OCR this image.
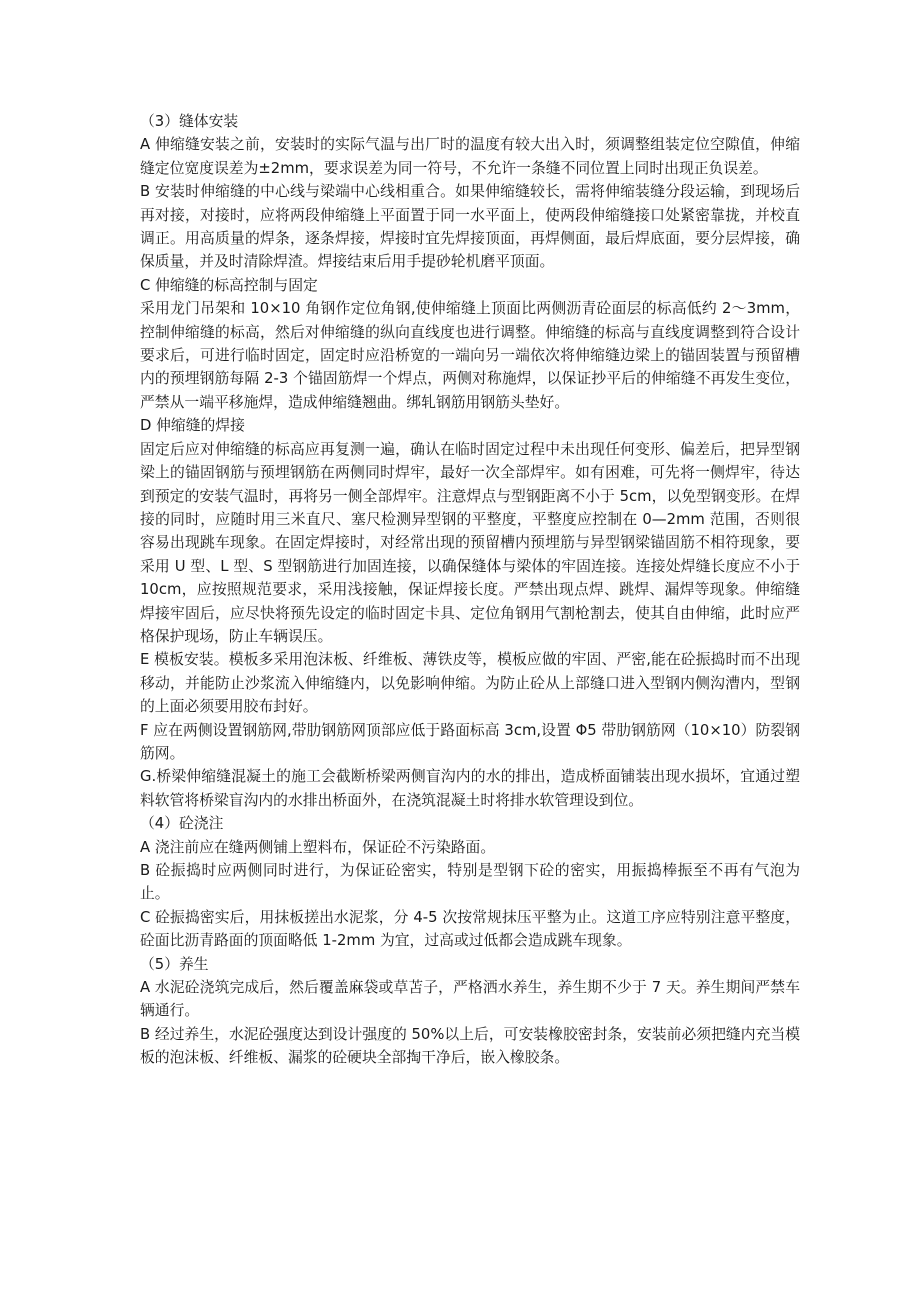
（3）缝体安装

A 伸缩缝安装之前，安装时的实际气温与出厂时的温度有较大出入时，须调整组装定位空隙值，伸缩缝定位宽度误差为±2mm，要求误差为同一符号，不允许一条缝不同位置上同时出现正负误差。

B 安装时伸缩缝的中心线与梁端中心线相重合。如果伸缩缝较长，需将伸缩装缝分段运输，到现场后再对接，对接时，应将两段伸缩缝上平面置于同一水平面上，使两段伸缩缝接口处紧密靠拢，并校直调正。用高质量的焊条，逐条焊接，焊接时宜先焊接顶面，再焊侧面，最后焊底面，要分层焊接，确保质量，并及时清除焊渣。焊接结束后用手提砂轮机磨平顶面。

C 伸缩缝的标高控制与固定

采用龙门吊架和 10×10 角钢作定位角钢,使伸缩缝上顶面比两侧沥青砼面层的标高低约 2～3mm，控制伸缩缝的标高，然后对伸缩缝的纵向直线度也进行调整。伸缩缝的标高与直线度调整到符合设计要求后，可进行临时固定，固定时应沿桥宽的一端向另一端依次将伸缩缝边梁上的锚固装置与预留槽内的预埋钢筋每隔 2-3 个锚固筋焊一个焊点，两侧对称施焊，以保证抄平后的伸缩缝不再发生变位，严禁从一端平移施焊，造成伸缩缝翘曲。绑轧钢筋用钢筋头垫好。

D 伸缩缝的焊接

固定后应对伸缩缝的标高应再复测一遍，确认在临时固定过程中未出现任何变形、偏差后，把异型钢梁上的锚固钢筋与预埋钢筋在两侧同时焊牢，最好一次全部焊牢。如有困难，可先将一侧焊牢，待达到预定的安装气温时，再将另一侧全部焊牢。注意焊点与型钢距离不小于 5cm，以免型钢变形。在焊接的同时，应随时用三米直尺、塞尺检测异型钢的平整度，平整度应控制在 0—2mm 范围，否则很容易出现跳车现象。在固定焊接时，对经常出现的预留槽内预埋筋与异型钢梁锚固筋不相符现象，要采用 U 型、L 型、S 型钢筋进行加固连接，以确保缝体与梁体的牢固连接。连接处焊缝长度应不小于 10cm，应按照规范要求，采用浅接触，保证焊接长度。严禁出现点焊、跳焊、漏焊等现象。伸缩缝焊接牢固后，应尽快将预先设定的临时固定卡具、定位角钢用气割枪割去，使其自由伸缩，此时应严格保护现场，防止车辆误压。

E 模板安装。模板多采用泡沫板、纤维板、薄铁皮等，模板应做的牢固、严密,能在砼振捣时而不出现移动，并能防止沙浆流入伸缩缝内，以免影响伸缩。为防止砼从上部缝口进入型钢内侧沟漕内，型钢的上面必须要用胶布封好。

F 应在两侧设置钢筋网,带肋钢筋网顶部应低于路面标高 3cm,设置 Φ5 带肋钢筋网（10×10）防裂钢筋网。

G.桥梁伸缩缝混凝土的施工会截断桥梁两侧盲沟内的水的排出，造成桥面铺装出现水损坏，宜通过塑料软管将桥梁盲沟内的水排出桥面外，在浇筑混凝土时将排水软管理设到位。

（4）砼浇注

A 浇注前应在缝两侧铺上塑料布，保证砼不污染路面。

B 砼振捣时应两侧同时进行，为保证砼密实，特别是型钢下砼的密实，用振捣棒振至不再有气泡为止。

C 砼振捣密实后，用抹板搓出水泥浆，分 4-5 次按常规抹压平整为止。这道工序应特别注意平整度，砼面比沥青路面的顶面略低 1-2mm 为宜，过高或过低都会造成跳车现象。

（5）养生

A 水泥砼浇筑完成后，然后覆盖麻袋或草苫子，严格洒水养生，养生期不少于 7 天。养生期间严禁车辆通行。

B 经过养生，水泥砼强度达到设计强度的 50%以上后，可安装橡胶密封条，安装前必须把缝内充当模板的泡沫板、纤维板、漏浆的砼硬块全部掏干净后，嵌入橡胶条。
